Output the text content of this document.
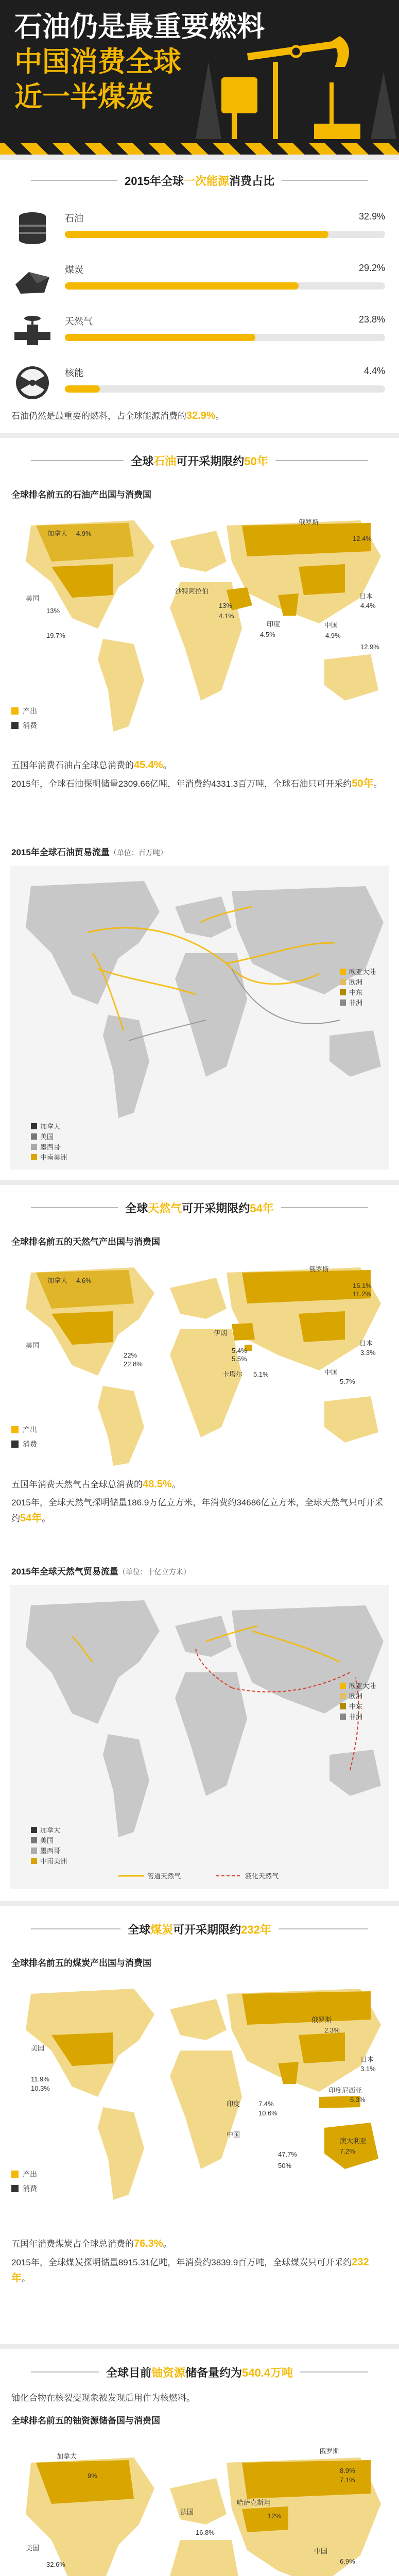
石油仍是最重要燃料
中国消费全球
近一半煤炭
2015年全球一次能源消费占比
石油	32.9%
煤炭	29.2%
天然气	23.8%
核能	4.4%
石油仍然是最重要的燃料，占全球能源消费的32.9%。
全球石油可开采期限约50年
全球排名前五的石油产出国与消费国
加拿大 4.9%
俄罗斯
12.4%
沙特阿拉伯
13%
4.1%
美国
13%
19.7%
日本
4.4%
印度
4.5%
中国
4.9%
12.9%
产出
消费
五国年消费石油占全球总消费的45.4%。
2015年，全球石油探明储量2309.66亿吨，年消费约4331.3百万吨，全球石油只可开采约50年。
2015年全球石油贸易流量（单位：百万吨）
加拿大
美国
墨西哥
中南美洲
欧亚大陆
欧洲
中东
非洲
全球天然气可开采期限约54年
全球排名前五的天然气产出国与消费国
加拿大 4.6%
俄罗斯
16.1%
11.2%
伊朗
5.4%
5.5%
美国
22%
22.8%
卡塔尔 5.1%
日本
3.3%
中国
5.7%
产出
消费
五国年消费天然气占全球总消费的48.5%。
2015年，全球天然气探明储量186.9万亿立方米，年消费约34686亿立方米，全球天然气只可开采约54年。
2015年全球天然气贸易流量（单位：十亿立方米）
加拿大
美国
墨西哥
中南美洲
欧亚大陆
欧洲
中东
非洲
管道天然气	液化天然气
全球煤炭可开采期限约232年
全球排名前五的煤炭产出国与消费国
俄罗斯
2.3%
美国
11.9%
10.3%
日本
3.1%
印度	7.4%
10.6%
中国
47.7%
50%
印度尼西亚
6.3%
澳大利亚
7.2%
产出
消费
五国年消费煤炭占全球总消费的76.3%。
2015年，全球煤炭探明储量8915.31亿吨，年消费约3839.9百万吨，全球煤炭只可开采约232年。
全球目前铀资源储备量约为540.4万吨
铀化合物在核裂变现象被发现后用作为核燃料。
全球排名前五的铀资源储备国与消费国
加拿大
9%
俄罗斯
8.9%
7.1%
哈萨克斯坦
12%
美国
32.6%
法国
16.8%
中国
6.9%
